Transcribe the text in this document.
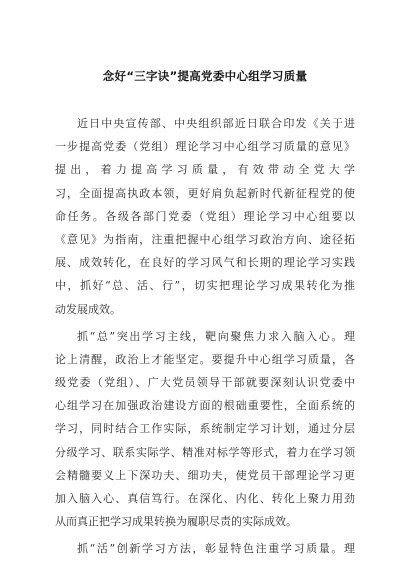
念好“三字诀”提高党委中心组学习质量
近日中央宣传部、中央组织部近日联合印发《关于进
一步提高党委（党组）理论学习中心组学习质量的意见》
提出，着力提高学习质量，有效带动全党大学
习，全面提高执政本领，更好肩负起新时代新征程党的使
命任务。各级各部门党委（党组）理论学习中心组要以
《意见》为指南，注重把握中心组学习政治方向、途径拓
展、成效转化，在良好的学习风气和长期的理论学习实践
中，抓好“总、活、行”，切实把理论学习成果转化为推
动发展成效。
抓“总”突出学习主线，靶向聚焦力求入脑入心。理
论上清醒，政治上才能坚定。要提升中心组学习质量，各
级党委（党组）、广大党员领导干部就要深刻认识党委中
心组学习在加强政治建设方面的根础重要性，全面系统的
学习，同时结合工作实际，系统制定学习计划，通过分层
分级学习、联系实际学、精准对标学等形式，着力在学习领
会精髓要义上下深功夫、细功夫，使党员干部理论学习更
加入脑入心、真信笃行。在深化、内化、转化上聚力用劲
从而真正把学习成果转换为履职尽责的实际成效。
抓“活”创新学习方法，彰显特色注重学习质量。理
